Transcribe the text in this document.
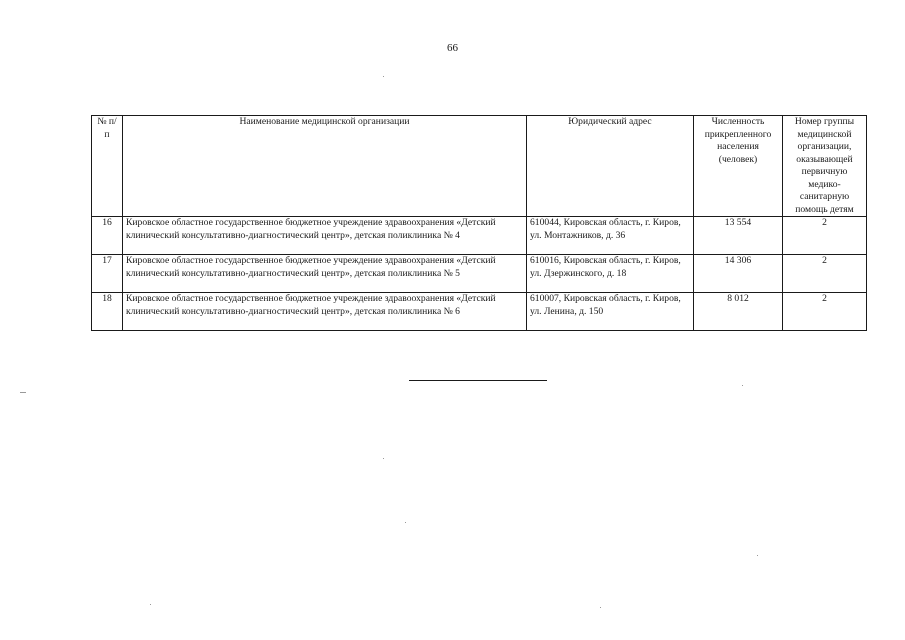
66
№ п/п	Наименование медицинской организации	Юридический адрес	Численность прикрепленного населения (человек)	Номер группы медицинской организации, оказывающей первичную медико-санитарную помощь детям
16	Кировское областное государственное бюджетное учреждение здравоохранения «Детский клинический консультативно-диагностический центр», детская поликлиника № 4	610044, Кировская область, г. Киров, ул. Монтажников, д. 36	13 554	2
17	Кировское областное государственное бюджетное учреждение здравоохранения «Детский клинический консультативно-диагностический центр», детская поликлиника № 5	610016, Кировская область, г. Киров, ул. Дзержинского, д. 18	14 306	2
18	Кировское областное государственное бюджетное учреждение здравоохранения «Детский клинический консультативно-диагностический центр», детская поликлиника № 6	610007, Кировская область, г. Киров, ул. Ленина, д. 150	8 012	2
